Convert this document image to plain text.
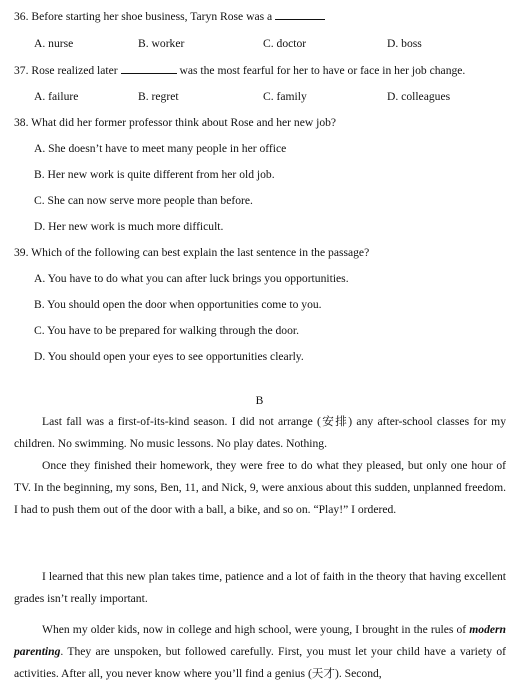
36. Before starting her shoe business, Taryn Rose was a
A. nurse	B. worker	C. doctor	D. boss
37. Rose realized later	was the most fearful for her to have or face in her job change.
A. failure	B. regret	C. family	D. colleagues
38. What did her former professor think about Rose and her new job?
A. She doesn’t have to meet many people in her office
B. Her new work is quite different from her old job.
C. She can now serve more people than before.
D. Her new work is much more difficult.
39. Which of the following can best explain the last sentence in the passage?
A. You have to do what you can after luck brings you opportunities.
B. You should open the door when opportunities come to you.
C. You have to be prepared for walking through the door.
D. You should open your eyes to see opportunities clearly.
B
Last fall was a first-of-its-kind season. I did not arrange (安排) any after-school classes for my children. No swimming. No music lessons. No play dates. Nothing.
Once they finished their homework, they were free to do what they pleased, but only one hour of TV. In the beginning, my sons, Ben, 11, and Nick, 9, were anxious about this sudden, unplanned freedom. I had to push them out of the door with a ball, a bike, and so on. “Play!” I ordered.
I learned that this new plan takes time, patience and a lot of faith in the theory that having excellent grades isn’t really important.
When my older kids, now in college and high school, were young, I brought in the rules of modern parenting. They are unspoken, but followed carefully. First, you must let your child have a variety of activities. After all, you never know where you’ll find a genius (天才). Second,
